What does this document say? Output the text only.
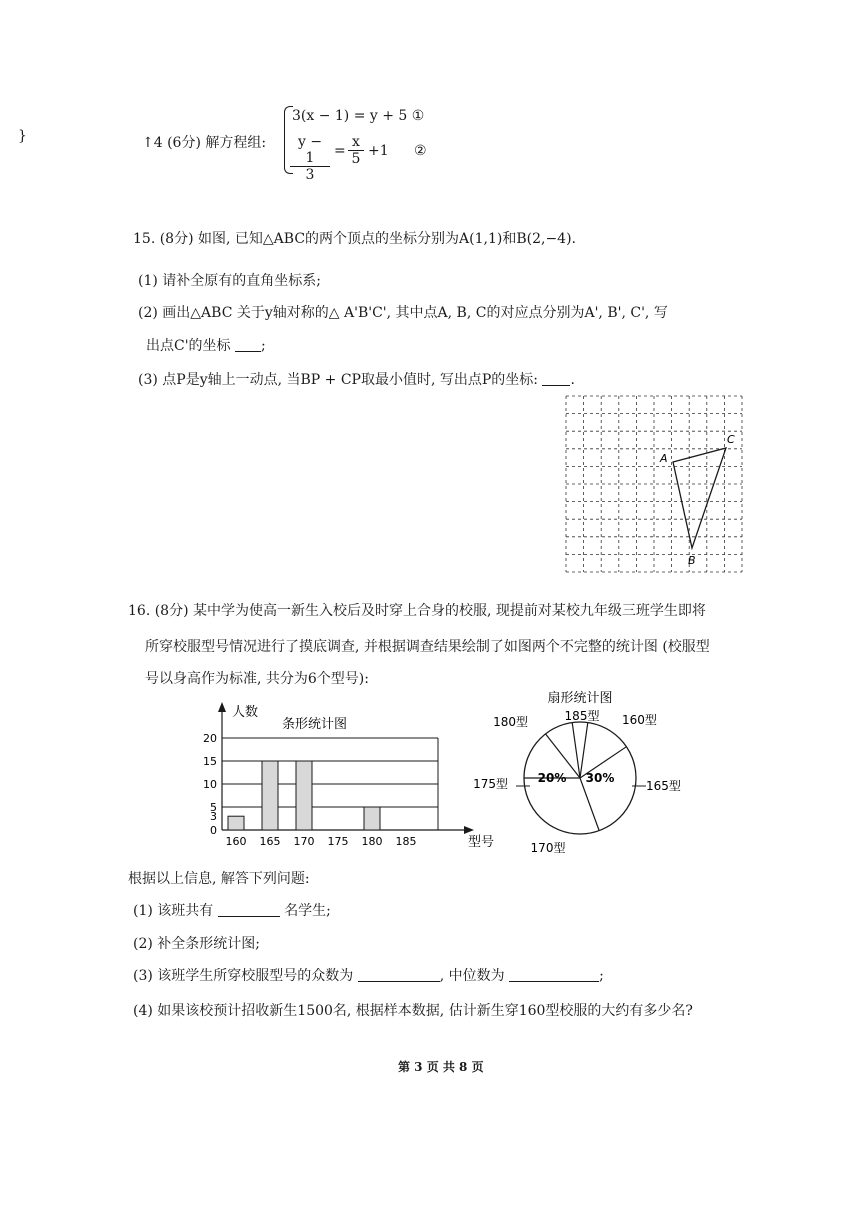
}	↑4 (6分) 解方程组:
3(x − 1) = y + 5 ①
$\frac{y - 1}{3} = \frac{x}{5} +1$ ②
15. (8分) 如图, 已知△ABC的两个顶点的坐标分别为A(1,1)和B(2,−4).
(1) 请补全原有的直角坐标系;
(2) 画出△ABC 关于y轴对称的△ A'B'C', 其中点A, B, C的对应点分别为A', B', C', 写
出点C'的坐标 ;
(3) 点P是y轴上一动点, 当BP + CP取最小值时, 写出点P的坐标: .
A
B
C
16. (8分) 某中学为使高一新生入校后及时穿上合身的校服, 现提前对某校九年级三班学生即将
所穿校服型号情况进行了摸底调查, 并根据调查结果绘制了如图两个不完整的统计图 (校服型
号以身高作为标准, 共分为6个型号):
0
3
5
10
15
20
160 165 170 175 180 185
人数
条形统计图
型号
扇形统计图
160型
165型
30%
170型
175型 20%
180型	185型
根据以上信息, 解答下列问题:
(1) 该班共有	名学生;
(2) 补全条形统计图;
(3) 该班学生所穿校服型号的众数为	, 中位数为	;
(4) 如果该校预计招收新生1500名, 根据样本数据, 估计新生穿160型校服的大约有多少名?
第 3 页 共 8 页
